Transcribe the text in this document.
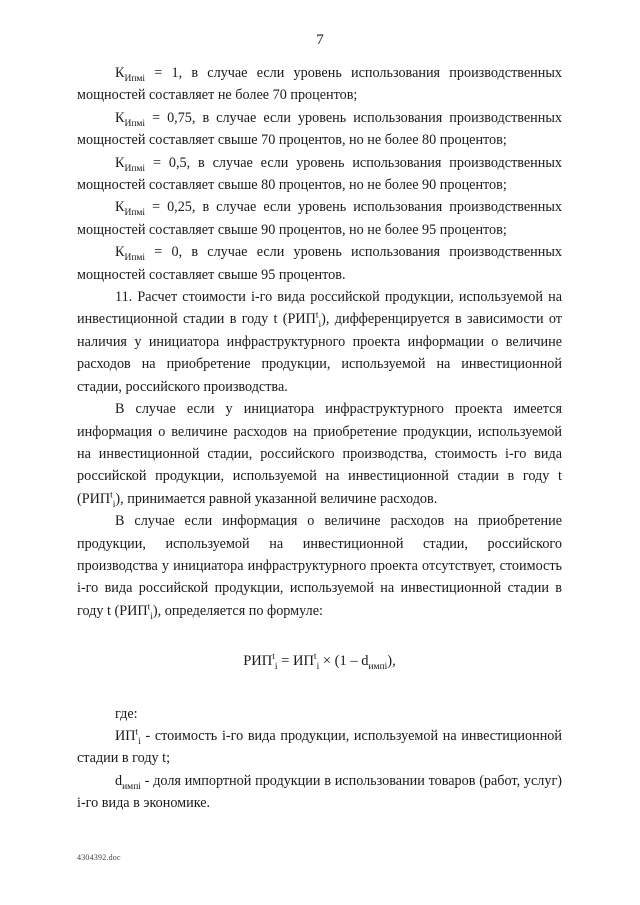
7

$К_{Ипмi} = 1$, в случае если уровень использования производственных мощностей составляет не более 70 процентов;

$К_{Ипмi} = 0,75$, в случае если уровень использования производственных мощностей составляет свыше 70 процентов, но не более 80 процентов;

$К_{Ипмi} = 0,5$, в случае если уровень использования производственных мощностей составляет свыше 80 процентов, но не более 90 процентов;

$К_{Ипмi} = 0,25$, в случае если уровень использования производственных мощностей составляет свыше 90 процентов, но не более 95 процентов;

$К_{Ипмi} = 0$, в случае если уровень использования производственных мощностей составляет свыше 95 процентов.

11. Расчет стоимости i-го вида российской продукции, используемой на инвестиционной стадии в году t $(РИП^t_i)$, дифференцируется в зависимости от наличия у инициатора инфраструктурного проекта информации о величине расходов на приобретение продукции, используемой на инвестиционной стадии, российского производства.

В случае если у инициатора инфраструктурного проекта имеется информация о величине расходов на приобретение продукции, используемой на инвестиционной стадии, российского производства, стоимость i-го вида российской продукции, используемой на инвестиционной стадии в году t $(РИП^t_i)$, принимается равной указанной величине расходов.

В случае если информация о величине расходов на приобретение продукции, используемой на инвестиционной стадии, российского производства у инициатора инфраструктурного проекта отсутствует, стоимость i-го вида российской продукции, используемой на инвестиционной стадии в году t $(РИП^t_i)$, определяется по формуле:

$РИП^t_i = ИП^t_i \times (1 - d_{импi})$,

где:

$ИП^t_i$ - стоимость i-го вида продукции, используемой на инвестиционной стадии в году t;

$d_{импi}$ - доля импортной продукции в использовании товаров (работ, услуг) i-го вида в экономике.

4304392.doc
